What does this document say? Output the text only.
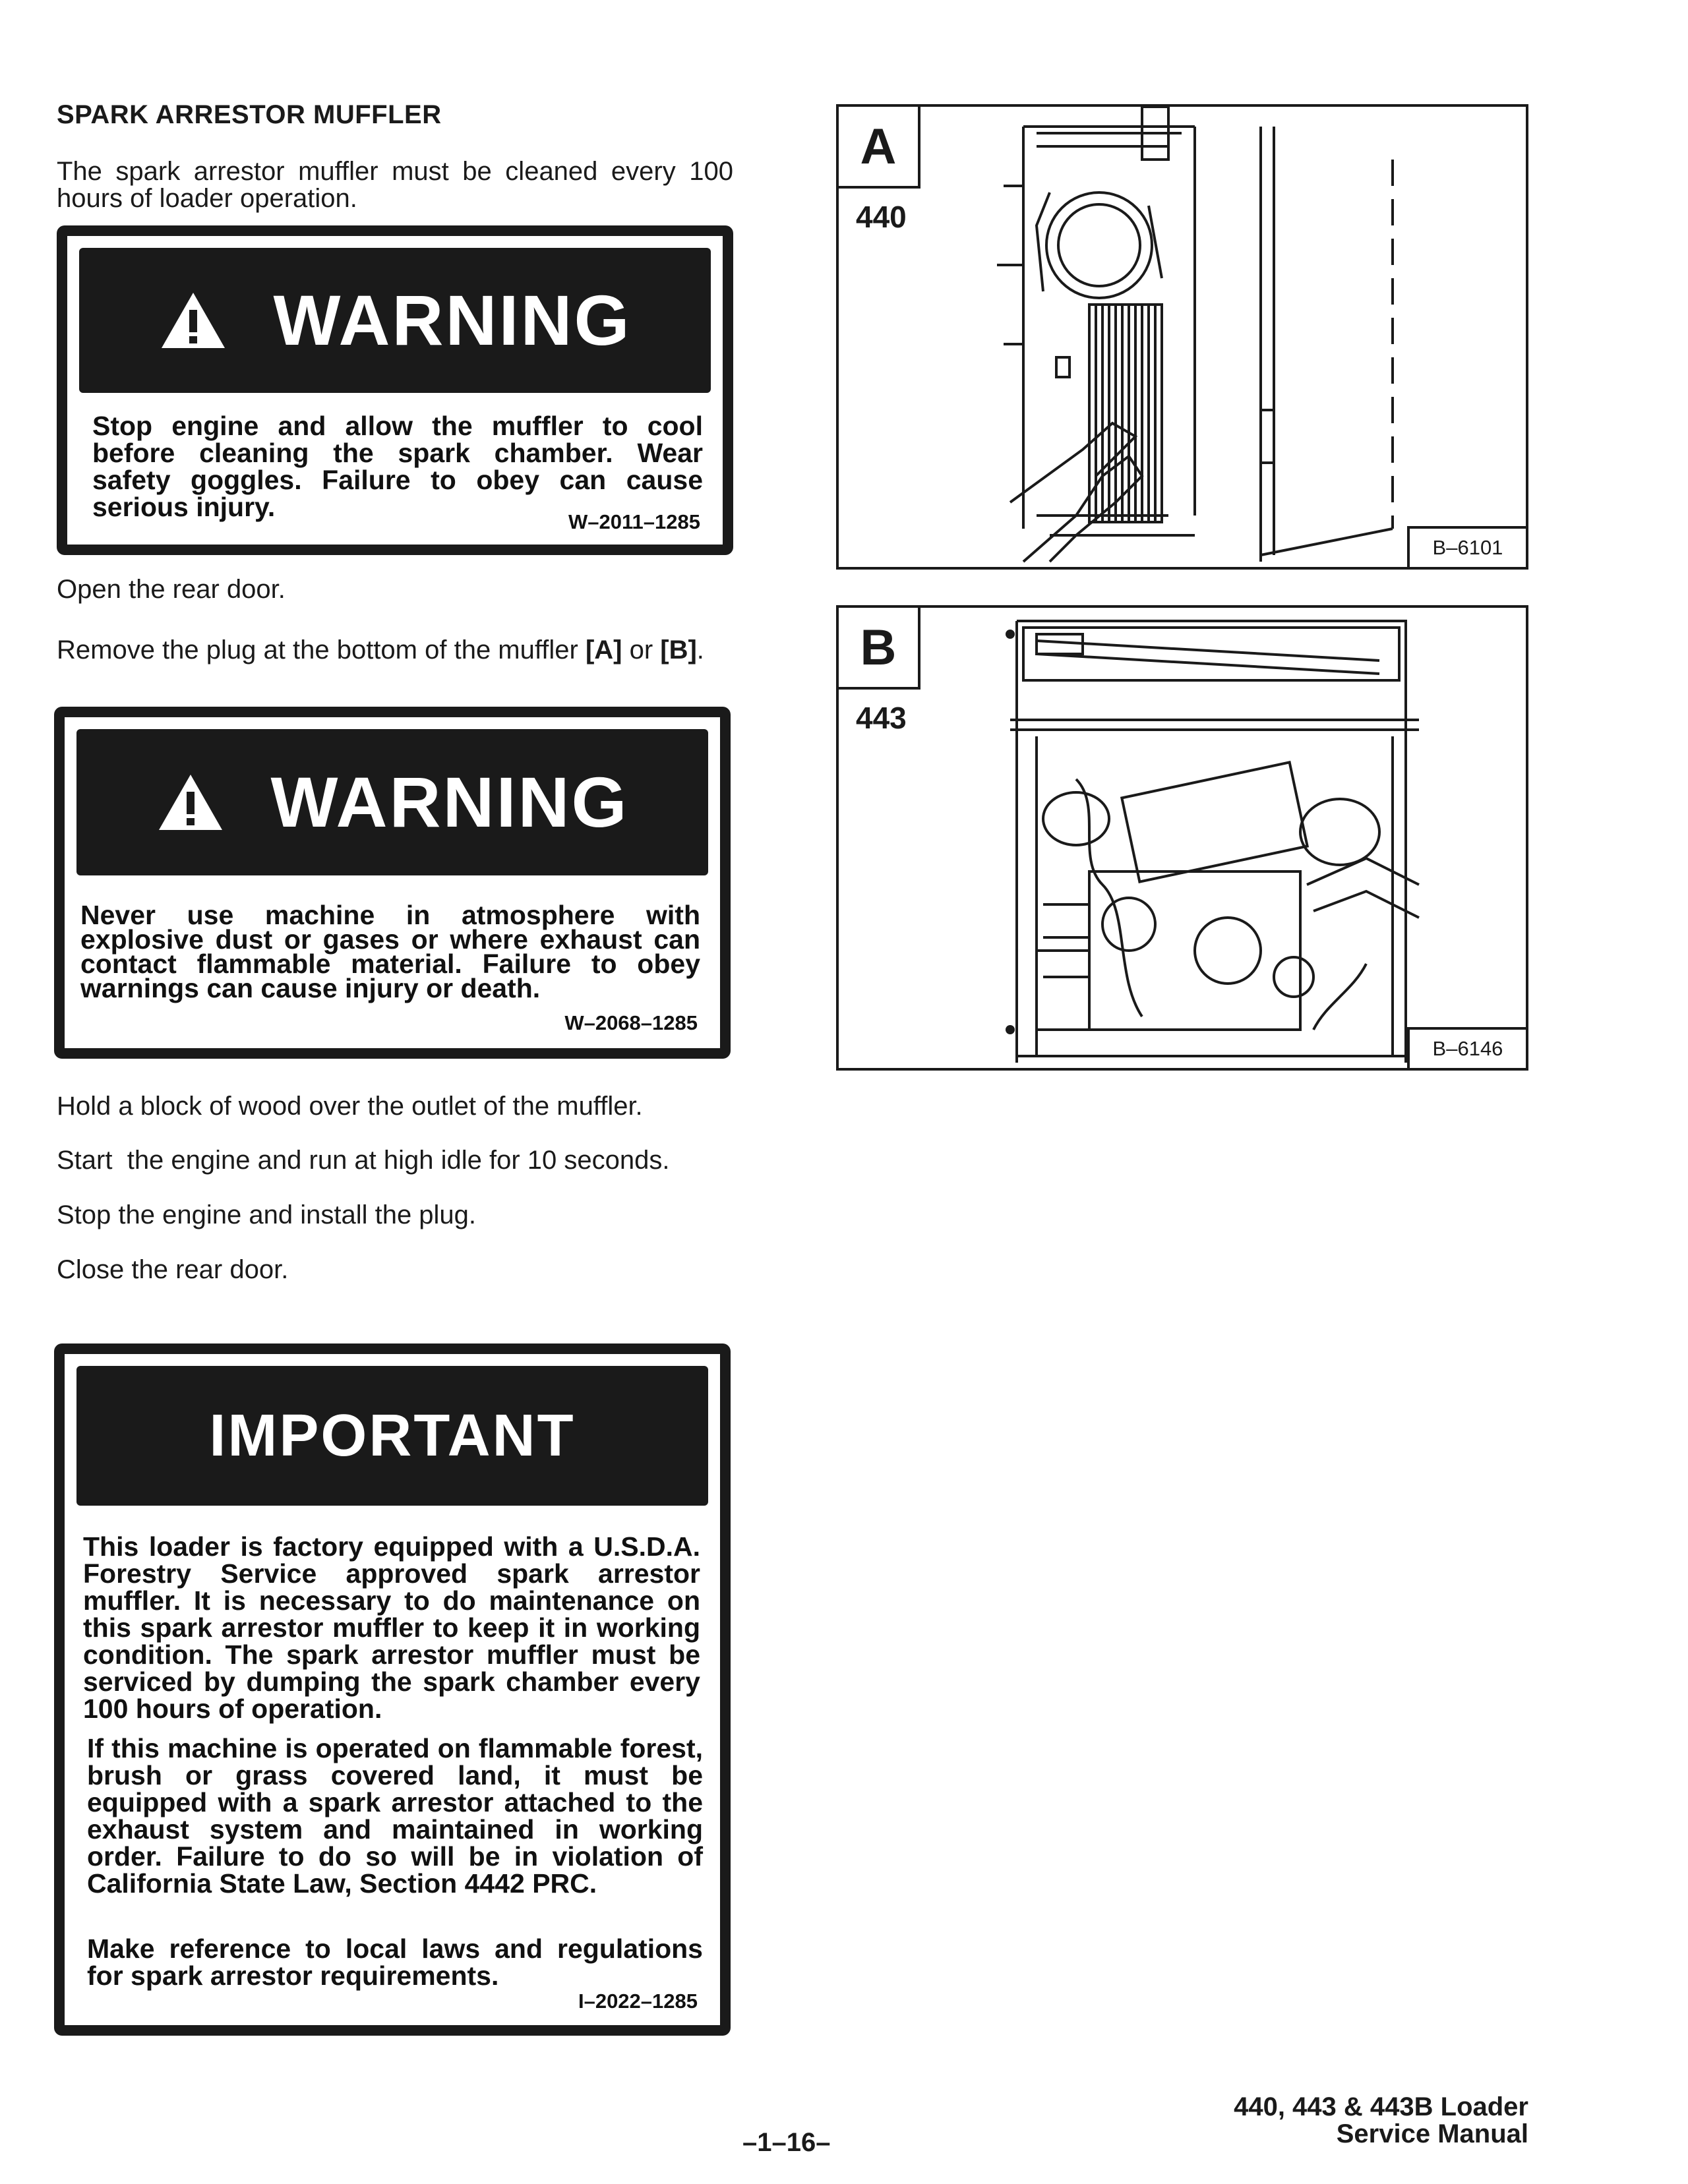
SPARK ARRESTOR MUFFLER
The spark arrestor muffler must be cleaned every 100 hours of loader operation.
WARNING
Stop engine and allow the muffler to cool before cleaning the spark chamber. Wear safety goggles. Failure to obey can cause serious injury.	W–2011–1285
Open the rear door.
Remove the plug at the bottom of the muffler [A] or [B].
WARNING
Never use machine in atmosphere with explosive dust or gases or where exhaust can contact flammable material. Failure to obey warnings can cause injury or death.
W–2068–1285
Hold a block of wood over the outlet of the muffler.
Start  the engine and run at high idle for 10 seconds.
Stop the engine and install the plug.
Close the rear door.
IMPORTANT
This loader is factory equipped with a U.S.D.A. Forestry Service approved spark arrestor muffler. It is necessary to do maintenance on this spark arrestor muffler to keep it in working condition. The spark arrestor muffler must be serviced by dumping the spark chamber every 100 hours of operation.
If this machine is operated on flammable forest, brush or grass covered land, it must be equipped with a spark arrestor attached to the exhaust system and maintained in working order. Failure to do so will be in violation of California State Law, Section 4442 PRC.
Make reference to local laws and regulations for spark arrestor requirements.
I–2022–1285
A
440
B–6101
B
443
B–6146
–1–16–
440, 443 & 443B Loader
Service Manual
